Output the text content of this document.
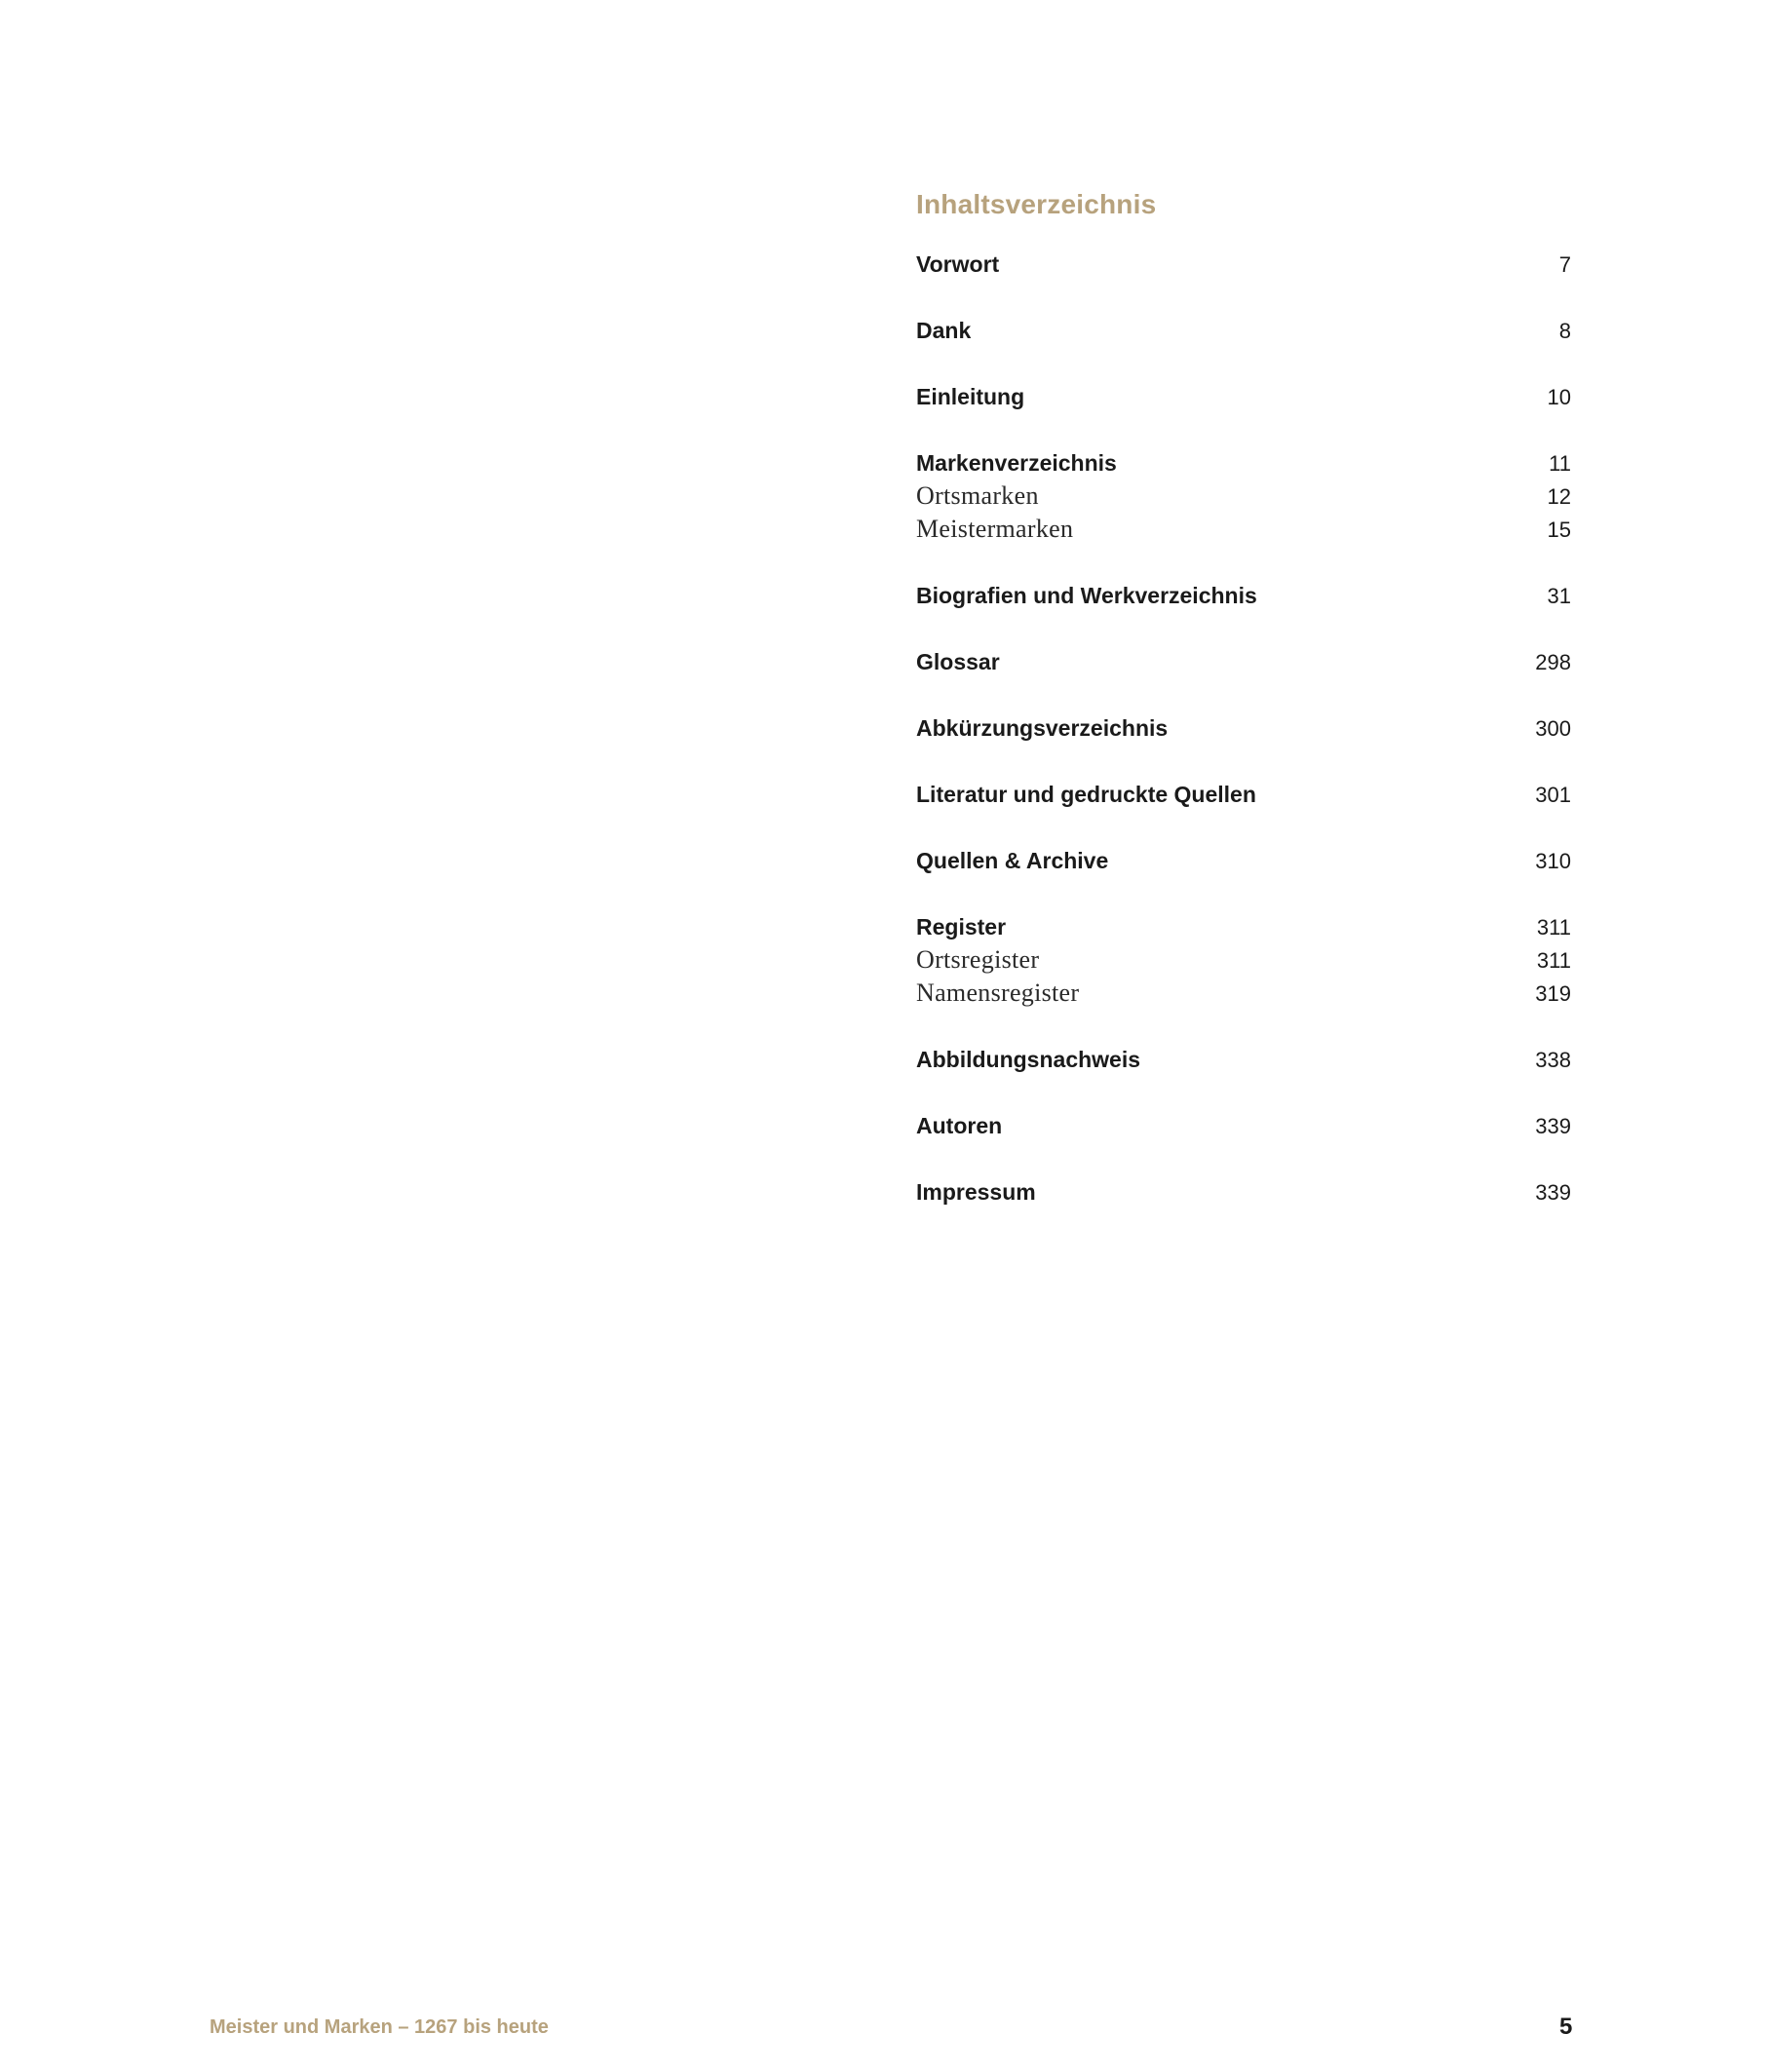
Inhaltsverzeichnis
Vorwort	7
Dank	8
Einleitung	10
Markenverzeichnis	11
Ortsmarken	12
Meistermarken	15
Biografien und Werkverzeichnis	31
Glossar	298
Abkürzungsverzeichnis	300
Literatur und gedruckte Quellen	301
Quellen & Archive	310
Register	311
Ortsregister	311
Namensregister	319
Abbildungsnachweis	338
Autoren	339
Impressum	339
Meister und Marken – 1267 bis heute	5
